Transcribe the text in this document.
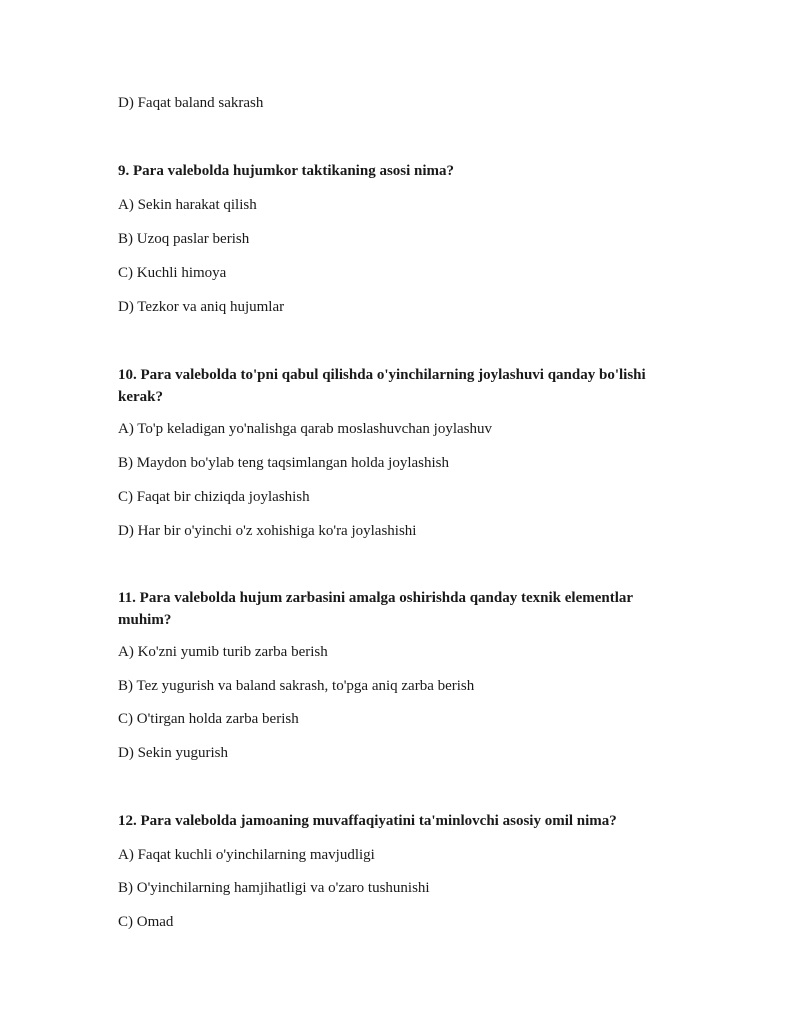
D) Faqat baland sakrash
9. Para valebolda hujumkor taktikaning asosi nima?
A) Sekin harakat qilish
B) Uzoq paslar berish
C) Kuchli himoya
D) Tezkor va aniq hujumlar
10. Para valebolda to'pni qabul qilishda o'yinchilarning joylashuvi qanday bo'lishi kerak?
A) To'p keladigan yo'nalishga qarab moslashuvchan joylashuv
B) Maydon bo'ylab teng taqsimlangan holda joylashish
C) Faqat bir chiziqda joylashish
D) Har bir o'yinchi o'z xohishiga ko'ra joylashishi
11. Para valebolda hujum zarbasini amalga oshirishda qanday texnik elementlar muhim?
A) Ko'zni yumib turib zarba berish
B) Tez yugurish va baland sakrash, to'pga aniq zarba berish
C) O'tirgan holda zarba berish
D) Sekin yugurish
12. Para valebolda jamoaning muvaffaqiyatini ta'minlovchi asosiy omil nima?
A) Faqat kuchli o'yinchilarning mavjudligi
B) O'yinchilarning hamjihatligi va o'zaro tushunishi
C) Omad
